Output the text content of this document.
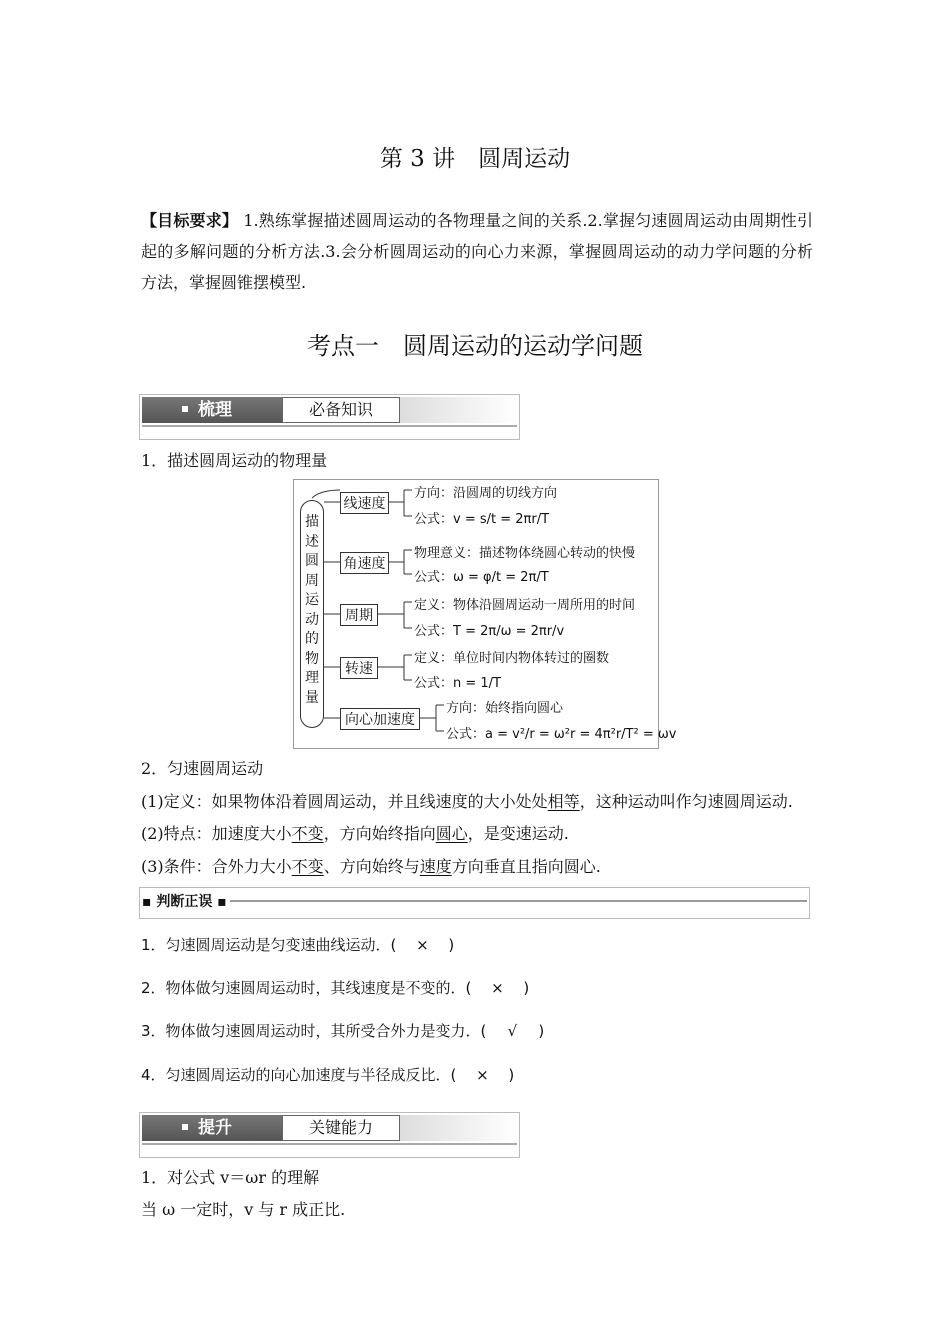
第 3 讲　圆周运动
【目标要求】 1.熟练掌握描述圆周运动的各物理量之间的关系.2.掌握匀速圆周运动由周期性引起的多解问题的分析方法.3.会分析圆周运动的向心力来源，掌握圆周运动的动力学问题的分析方法，掌握圆锥摆模型.
考点一　圆周运动的运动学问题
梳理	必备知识
1．描述圆周运动的物理量
描
述
圆
周
运
动
的
物
理
量
线速度
角速度
周期
转速
向心加速度
方向：沿圆周的切线方向
公式：v = s/t = 2πr/T
物理意义：描述物体绕圆心转动的快慢
公式：ω = φ/t = 2π/T
定义：物体沿圆周运动一周所用的时间
公式：T = 2π/ω = 2πr/v
定义：单位时间内物体转过的圈数
公式：n = 1/T
方向：始终指向圆心
公式：a = v²/r = ω²r = 4π²r/T² = ωv
2．匀速圆周运动
(1)定义：如果物体沿着圆周运动，并且线速度的大小处处相等，这种运动叫作匀速圆周运动.
(2)特点：加速度大小不变，方向始终指向圆心，是变速运动.
(3)条件：合外力大小不变、方向始终与速度方向垂直且指向圆心.
▪ 判断正误 ▪
1．匀速圆周运动是匀变速曲线运动．( × )
2．物体做匀速圆周运动时，其线速度是不变的．( × )
3．物体做匀速圆周运动时，其所受合外力是变力．( √ )
4．匀速圆周运动的向心加速度与半径成反比．( × )
提升	关键能力
1．对公式 v＝ωr 的理解
当 ω 一定时，v 与 r 成正比.
